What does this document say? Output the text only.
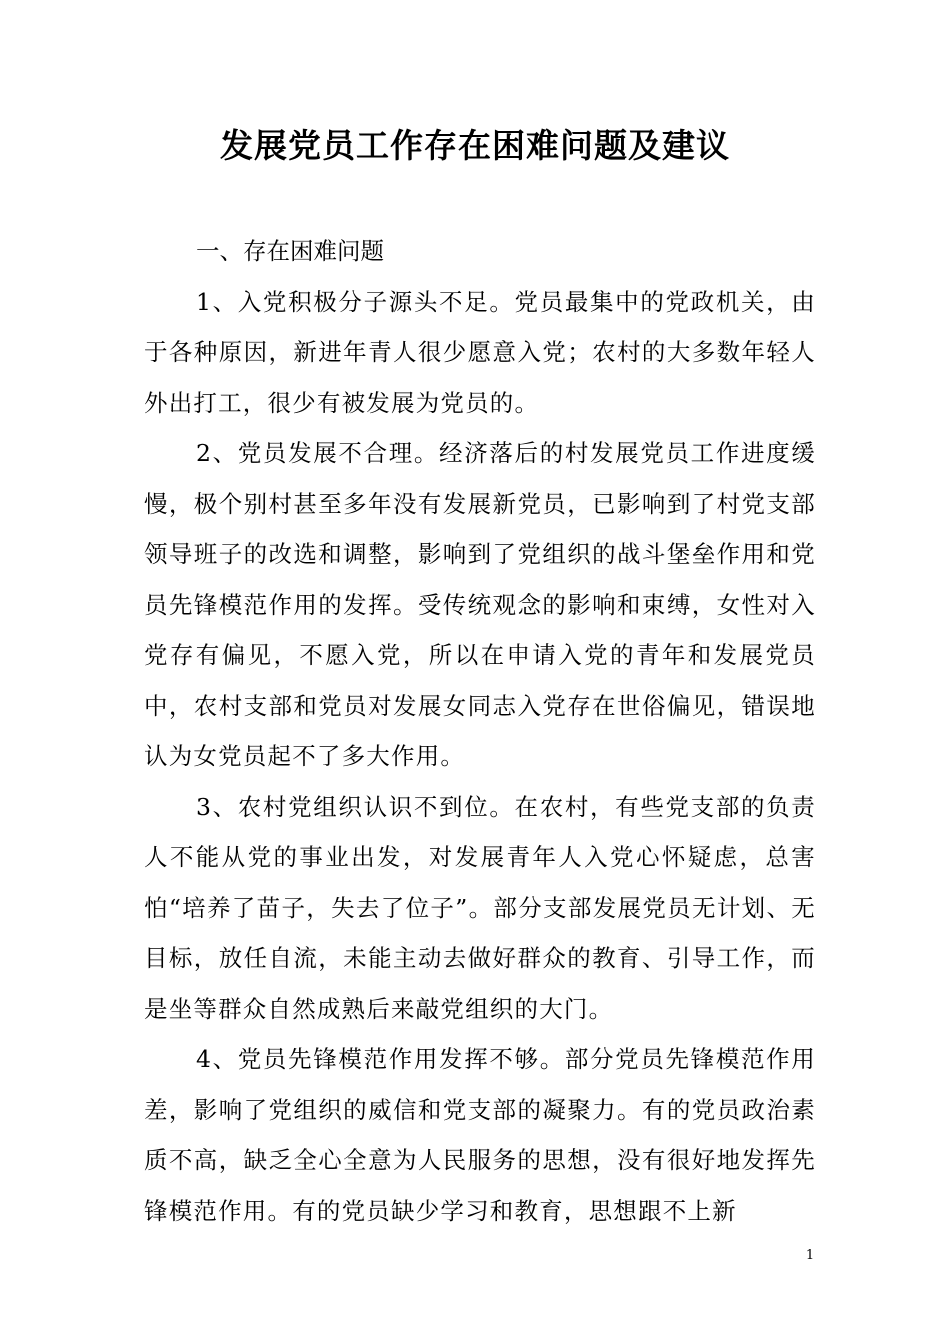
发展党员工作存在困难问题及建议

一、存在困难问题

1、入党积极分子源头不足。党员最集中的党政机关，由于各种原因，新进年青人很少愿意入党；农村的大多数年轻人外出打工，很少有被发展为党员的。

2、党员发展不合理。经济落后的村发展党员工作进度缓慢，极个别村甚至多年没有发展新党员，已影响到了村党支部领导班子的改选和调整，影响到了党组织的战斗堡垒作用和党员先锋模范作用的发挥。受传统观念的影响和束缚，女性对入党存有偏见，不愿入党，所以在申请入党的青年和发展党员中，农村支部和党员对发展女同志入党存在世俗偏见，错误地认为女党员起不了多大作用。

3、农村党组织认识不到位。在农村，有些党支部的负责人不能从党的事业出发，对发展青年人入党心怀疑虑，总害怕“培养了苗子，失去了位子”。部分支部发展党员无计划、无目标，放任自流，未能主动去做好群众的教育、引导工作，而是坐等群众自然成熟后来敲党组织的大门。

4、党员先锋模范作用发挥不够。部分党员先锋模范作用差，影响了党组织的威信和党支部的凝聚力。有的党员政治素质不高，缺乏全心全意为人民服务的思想，没有很好地发挥先锋模范作用。有的党员缺少学习和教育，思想跟不上新

1
